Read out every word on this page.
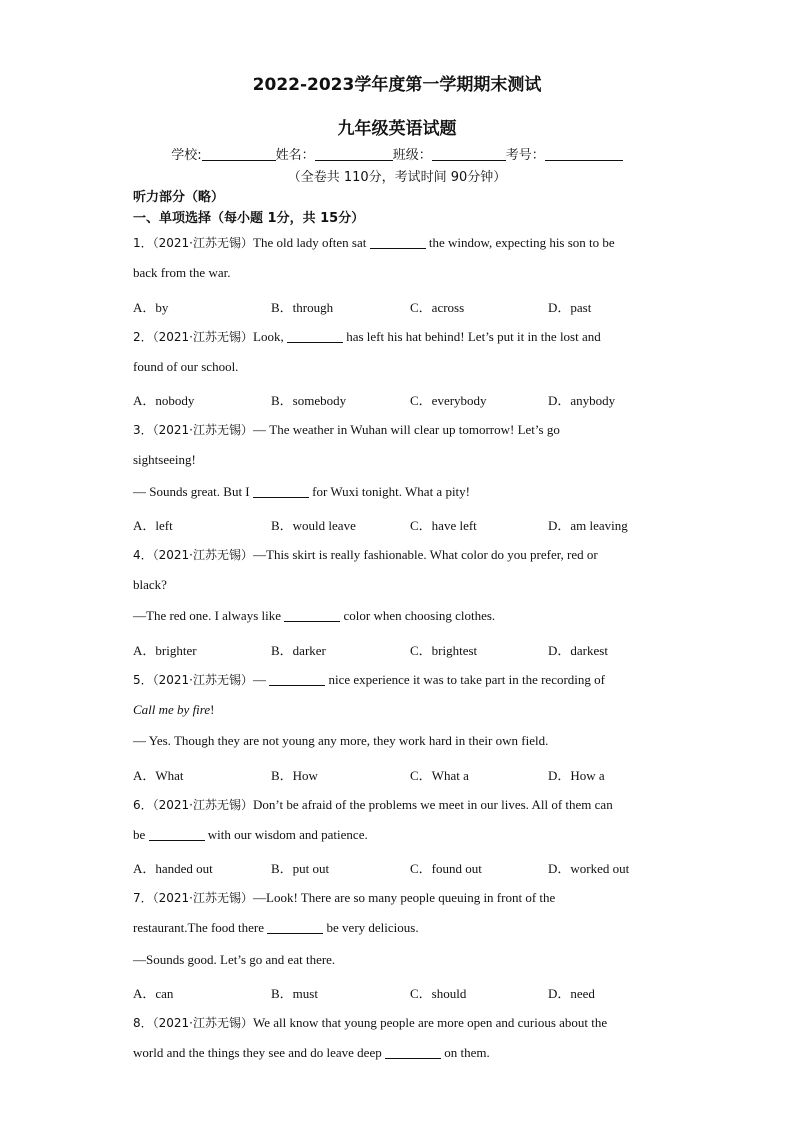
2022-2023学年度第一学期期末测试
九年级英语试题
学校:	姓名：	班级：	考号：
（全卷共 110分，考试时间 90分钟）
听力部分（略）
一、单项选择（每小题 1分，共 15分）
1．（2021·江苏无锡）The old lady often sat	the window, expecting his son to be
back from the war.
A．by	B．through	C．across	D．past
2．（2021·江苏无锡）Look,	has left his hat behind! Let’s put it in the lost and
found of our school.
A．nobody	B．somebody	C．everybody	D．anybody
3．（2021·江苏无锡）— The weather in Wuhan will clear up tomorrow! Let’s go
sightseeing!
— Sounds great. But I	for Wuxi tonight. What a pity!
A．left	B．would leave	C．have left	D．am leaving
4．（2021·江苏无锡）—This skirt is really fashionable. What color do you prefer, red or
black?
—The red one. I always like	color when choosing clothes.
A．brighter	B．darker	C．brightest	D．darkest
5．（2021·江苏无锡）—	nice experience it was to take part in the recording of
Call me by fire!
— Yes. Though they are not young any more, they work hard in their own field.
A．What	B．How	C．What a	D．How a
6．（2021·江苏无锡）Don’t be afraid of the problems we meet in our lives. All of them can
be	with our wisdom and patience.
A．handed out	B．put out	C．found out	D．worked out
7．（2021·江苏无锡）—Look! There are so many people queuing in front of the
restaurant.The food there	be very delicious.
—Sounds good. Let’s go and eat there.
A．can	B．must	C．should	D．need
8．（2021·江苏无锡）We all know that young people are more open and curious about the
world and the things they see and do leave deep	on them.
